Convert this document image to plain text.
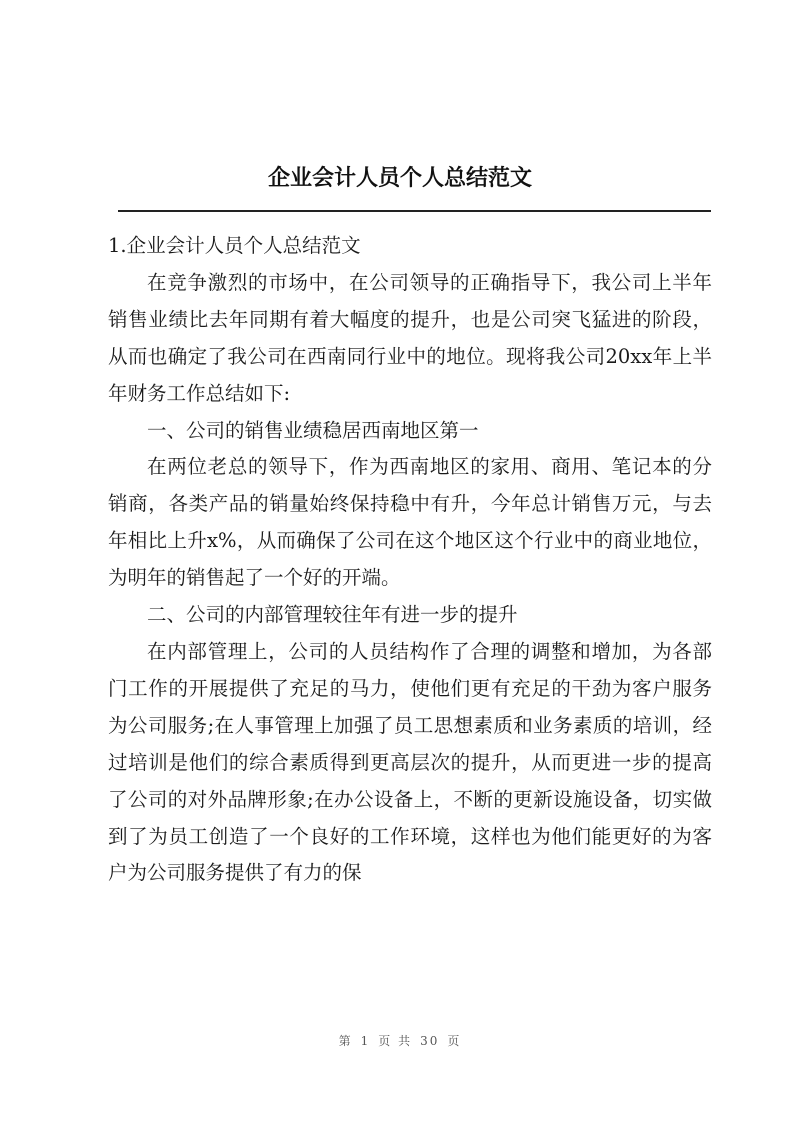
企业会计人员个人总结范文

1.企业会计人员个人总结范文

在竞争激烈的市场中，在公司领导的正确指导下，我公司上半年销售业绩比去年同期有着大幅度的提升，也是公司突飞猛进的阶段，从而也确定了我公司在西南同行业中的地位。现将我公司20xx年上半年财务工作总结如下:

一、公司的销售业绩稳居西南地区第一

在两位老总的领导下，作为西南地区的家用、商用、笔记本的分销商，各类产品的销量始终保持稳中有升，今年总计销售万元，与去年相比上升x%，从而确保了公司在这个地区这个行业中的商业地位，为明年的销售起了一个好的开端。

二、公司的内部管理较往年有进一步的提升

在内部管理上，公司的人员结构作了合理的调整和增加，为各部门工作的开展提供了充足的马力，使他们更有充足的干劲为客户服务为公司服务;在人事管理上加强了员工思想素质和业务素质的培训，经过培训是他们的综合素质得到更高层次的提升，从而更进一步的提高了公司的对外品牌形象;在办公设备上，不断的更新设施设备，切实做到了为员工创造了一个良好的工作环境，这样也为他们能更好的为客户为公司服务提供了有力的保

第 1 页 共 30 页
